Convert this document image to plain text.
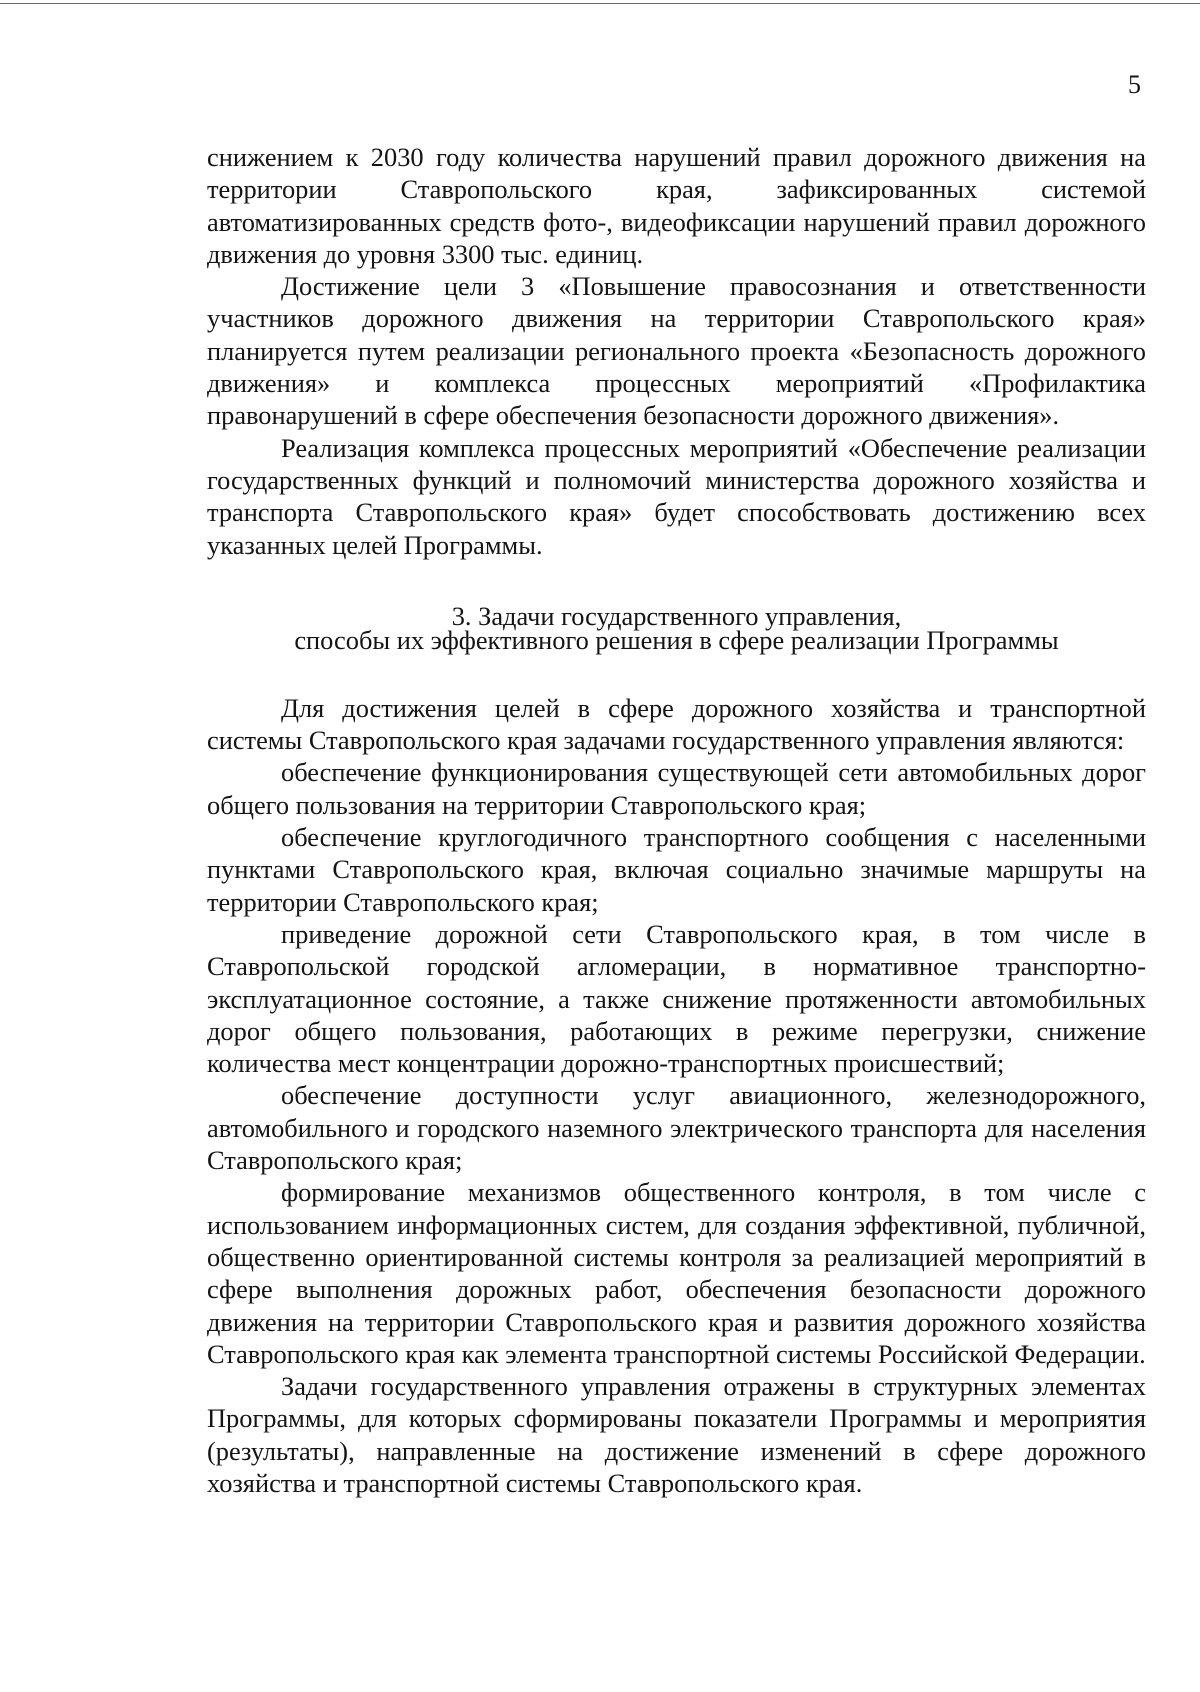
5

снижением к 2030 году количества нарушений правил дорожного движения на территории Ставропольского края, зафиксированных системой автоматизированных средств фото-, видеофиксации нарушений правил дорожного движения до уровня 3300 тыс. единиц.

Достижение цели 3 «Повышение правосознания и ответственности участников дорожного движения на территории Ставропольского края» планируется путем реализации регионального проекта «Безопасность дорожного движения» и комплекса процессных мероприятий «Профилактика правонарушений в сфере обеспечения безопасности дорожного движения».

Реализация комплекса процессных мероприятий «Обеспечение реализации государственных функций и полномочий министерства дорожного хозяйства и транспорта Ставропольского края» будет способствовать достижению всех указанных целей Программы.

3. Задачи государственного управления,
способы их эффективного решения в сфере реализации Программы

Для достижения целей в сфере дорожного хозяйства и транспортной системы Ставропольского края задачами государственного управления являются:

обеспечение функционирования существующей сети автомобильных дорог общего пользования на территории Ставропольского края;

обеспечение круглогодичного транспортного сообщения с населенными пунктами Ставропольского края, включая социально значимые маршруты на территории Ставропольского края;

приведение дорожной сети Ставропольского края, в том числе в Ставропольской городской агломерации, в нормативное транспортно-эксплуатационное состояние, а также снижение протяженности автомобильных дорог общего пользования, работающих в режиме перегрузки, снижение количества мест концентрации дорожно-транспортных происшествий;

обеспечение доступности услуг авиационного, железнодорожного, автомобильного и городского наземного электрического транспорта для населения Ставропольского края;

формирование механизмов общественного контроля, в том числе с использованием информационных систем, для создания эффективной, публичной, общественно ориентированной системы контроля за реализацией мероприятий в сфере выполнения дорожных работ, обеспечения безопасности дорожного движения на территории Ставропольского края и развития дорожного хозяйства Ставропольского края как элемента транспортной системы Российской Федерации.

Задачи государственного управления отражены в структурных элементах Программы, для которых сформированы показатели Программы и мероприятия (результаты), направленные на достижение изменений в сфере дорожного хозяйства и транспортной системы Ставропольского края.
